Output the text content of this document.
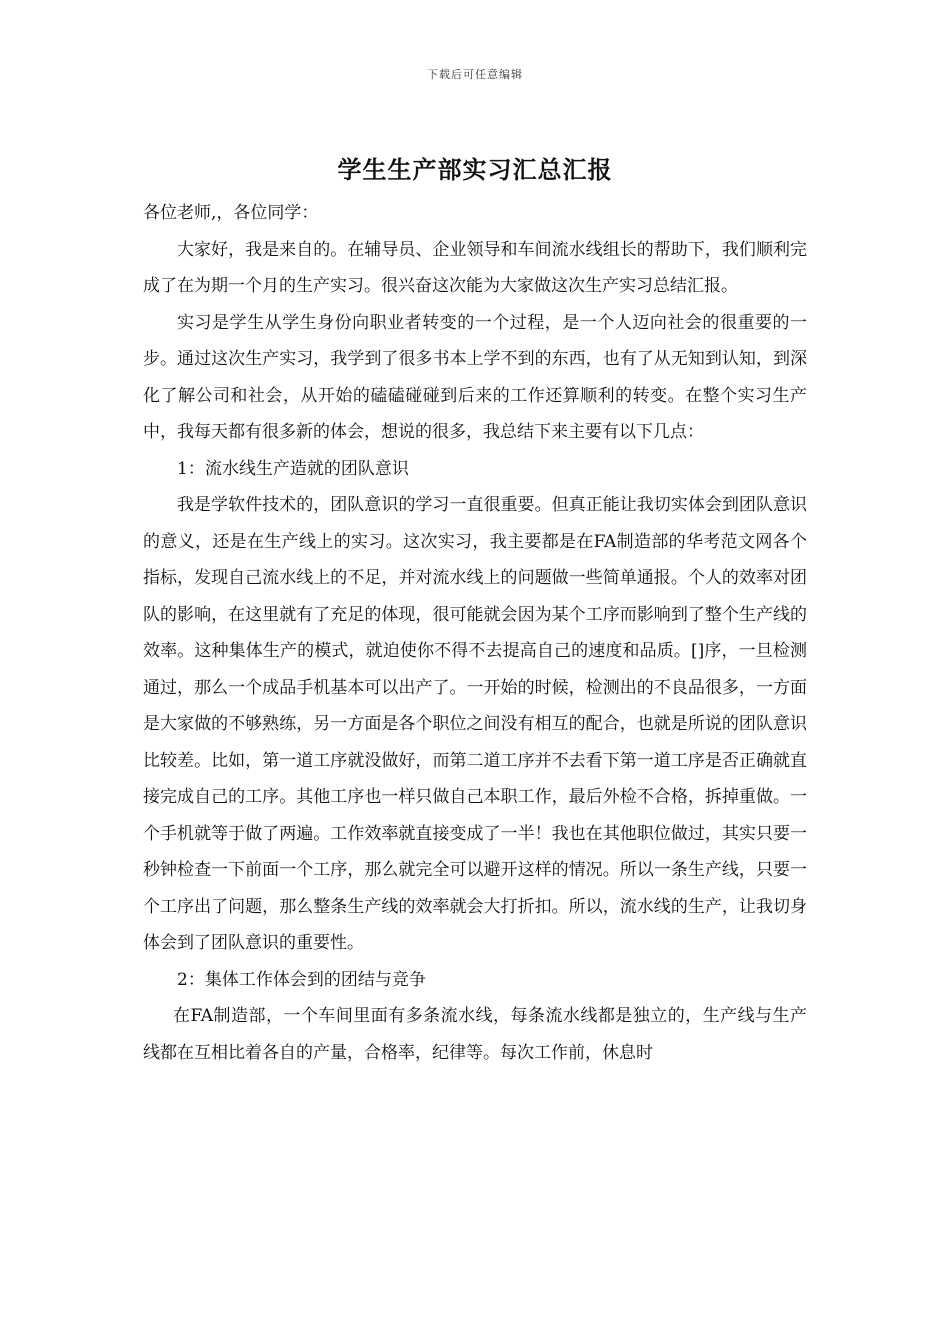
下载后可任意编辑
学生生产部实习汇总汇报

各位老师,，各位同学：

大家好，我是来自的。在辅导员、企业领导和车间流水线组长的帮助下，我们顺利完成了在为期一个月的生产实习。很兴奋这次能为大家做这次生产实习总结汇报。

实习是学生从学生身份向职业者转变的一个过程，是一个人迈向社会的很重要的一步。通过这次生产实习，我学到了很多书本上学不到的东西，也有了从无知到认知，到深化了解公司和社会，从开始的磕磕碰碰到后来的工作还算顺利的转变。在整个实习生产中，我每天都有很多新的体会，想说的很多，我总结下来主要有以下几点：

1：流水线生产造就的团队意识

我是学软件技术的，团队意识的学习一直很重要。但真正能让我切实体会到团队意识的意义，还是在生产线上的实习。这次实习，我主要都是在FA制造部的华考范文网各个指标，发现自己流水线上的不足，并对流水线上的问题做一些简单通报。个人的效率对团队的影响，在这里就有了充足的体现，很可能就会因为某个工序而影响到了整个生产线的效率。这种集体生产的模式，就迫使你不得不去提高自己的速度和品质。[]序，一旦检测通过，那么一个成品手机基本可以出产了。一开始的时候，检测出的不良品很多，一方面是大家做的不够熟练，另一方面是各个职位之间没有相互的配合，也就是所说的团队意识比较差。比如，第一道工序就没做好，而第二道工序并不去看下第一道工序是否正确就直接完成自己的工序。其他工序也一样只做自己本职工作，最后外检不合格，拆掉重做。一个手机就等于做了两遍。工作效率就直接变成了一半！我也在其他职位做过，其实只要一秒钟检查一下前面一个工序，那么就完全可以避开这样的情况。所以一条生产线，只要一个工序出了问题，那么整条生产线的效率就会大打折扣。所以，流水线的生产，让我切身体会到了团队意识的重要性。

2：集体工作体会到的团结与竞争

在FA制造部，一个车间里面有多条流水线，每条流水线都是独立的，生产线与生产线都在互相比着各自的产量，合格率，纪律等。每次工作前，休息时
